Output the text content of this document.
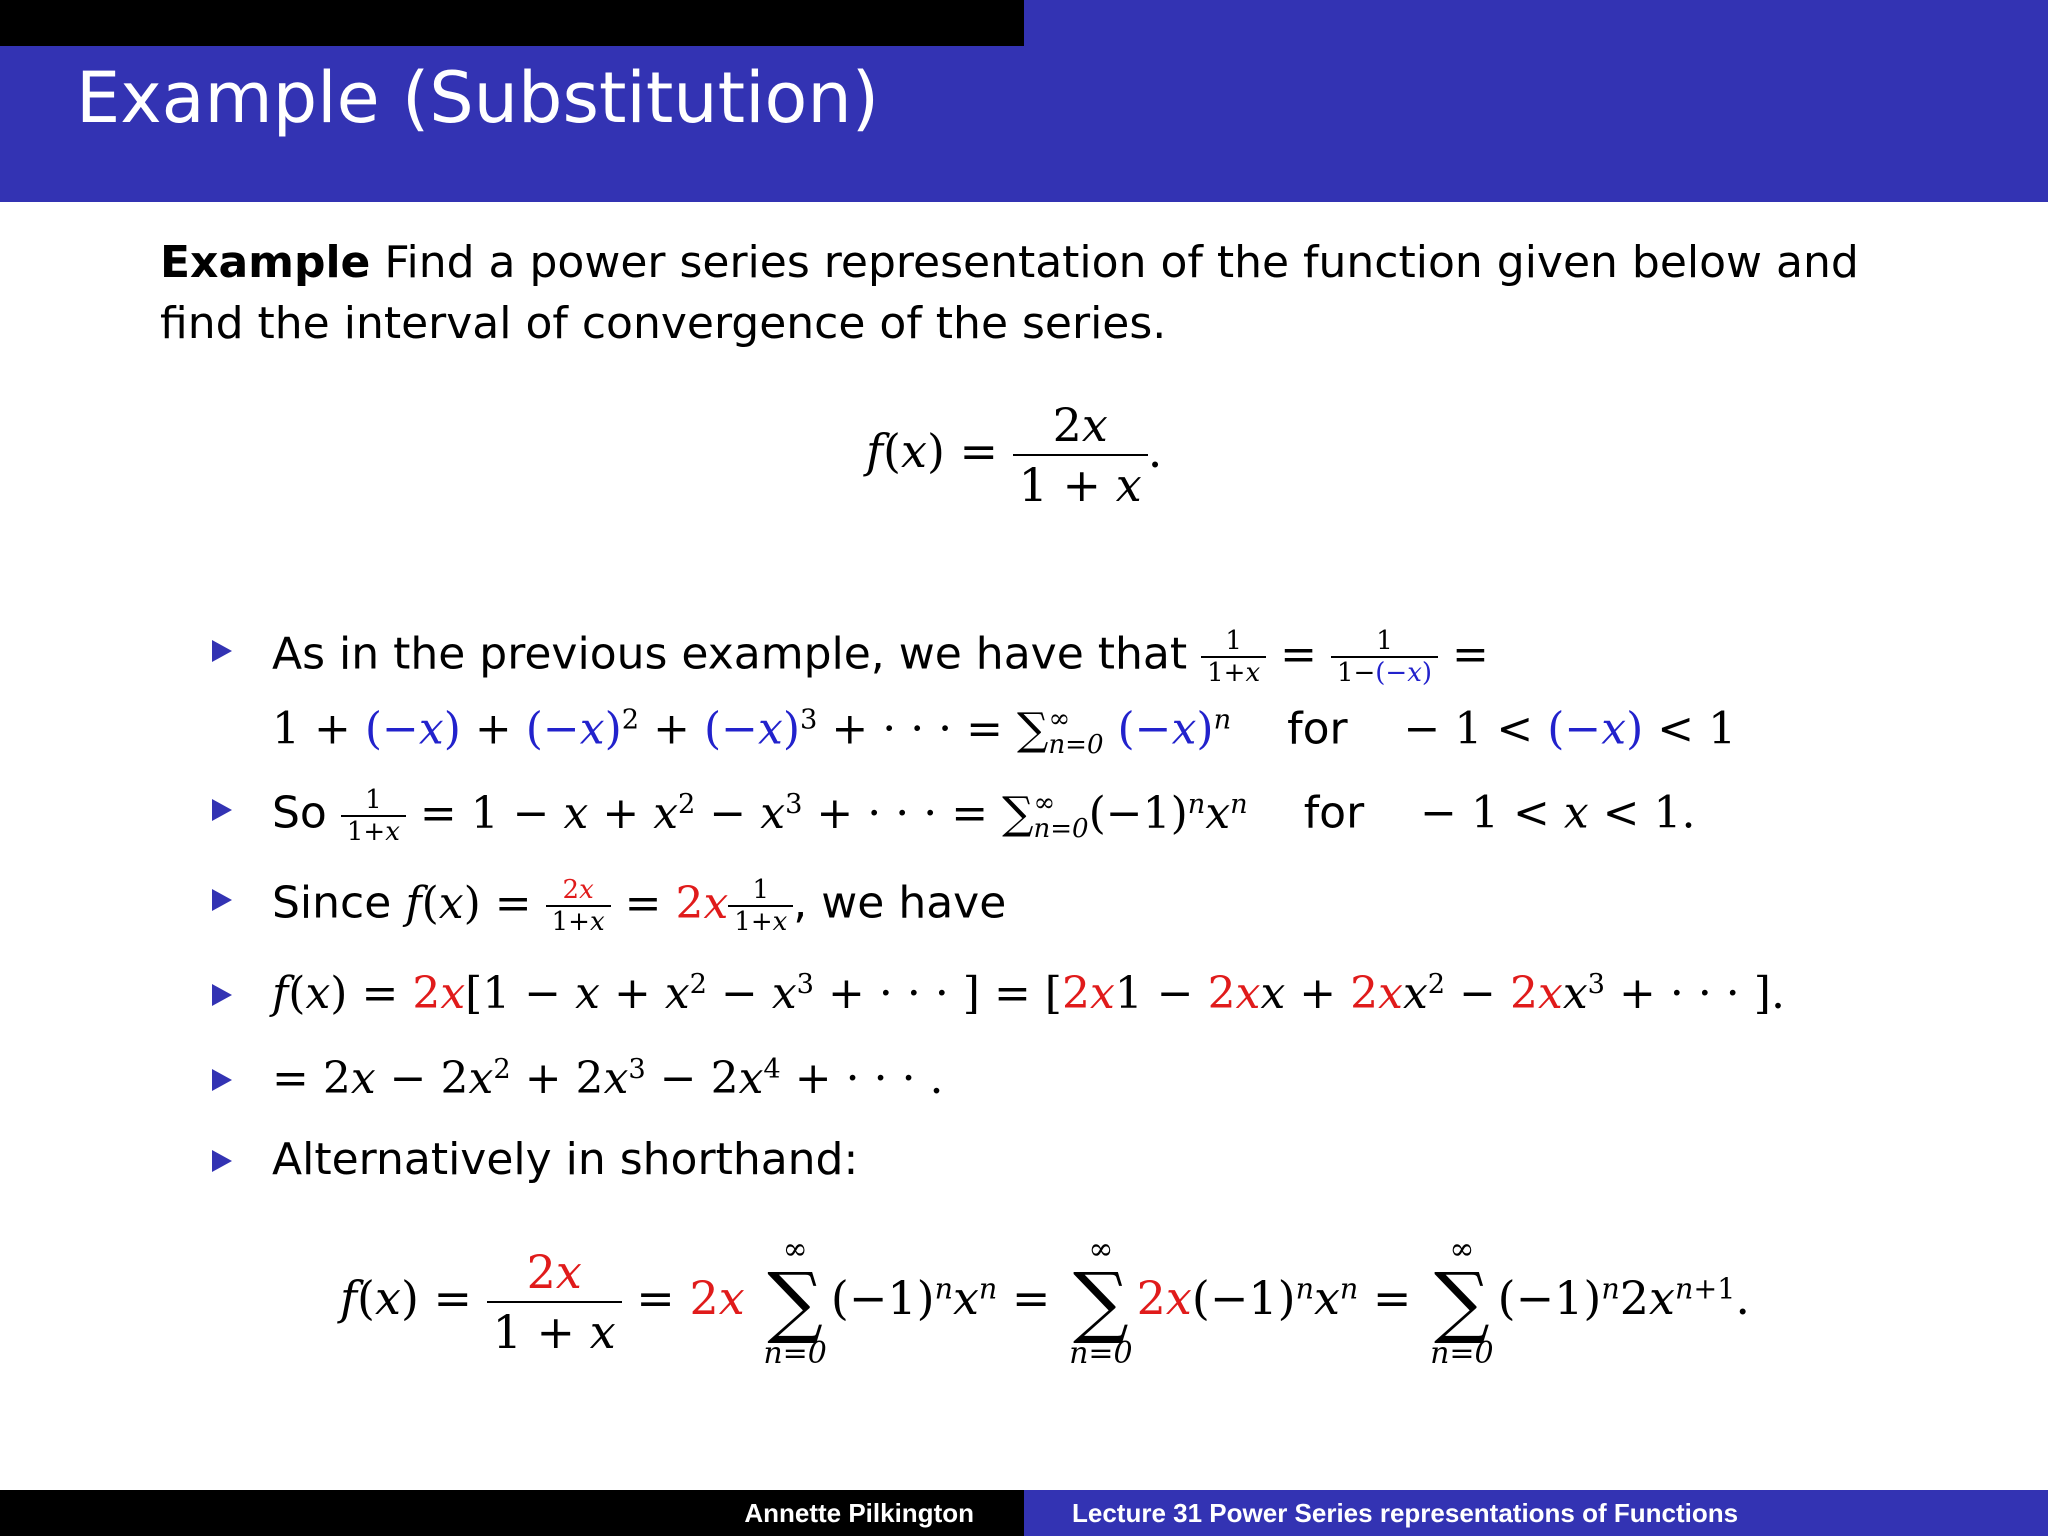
Example (Substitution)
Example Find a power series representation of the function given below and find the interval of convergence of the series.
$f(x) = \frac{2x}{1 + x}$ .
As in the previous example, we have that $\frac{1}{1+x} = \frac{1}{1-(-x)}$ =
$1 + (-x) + (-x)^2 + (-x)^3$ + · · · = ∑ ∞
n=0 $(-x)^n$ for    − 1 < (−x) < 1
So $\frac{1}{1+x} = 1 - x + x^2 - x^3$ + · · · = ∑ ∞
n=0 $(-1)^nx^n$ for − 1 < x < 1.
Since $f(x) = \frac{2x}{1+x} = 2x \frac{1}{1+x}$ , we have
$f(x) = 2x[1 - x + x^2 - x^3$ + · · · ] = [$2x1 - 2xx + 2xx^2 - 2xx^3$ + · · · ].
= $2x - 2x^2 + 2x^3 - 2x^4$ + · · · .
Alternatively in shorthand:
$f(x) = \frac{2x}{1 + x} = 2x$
∞
∑
n=0
$(-1)^nx^n$ =
∞
∑
n=0
$2x(-1)^nx^n$ =
∞
∑
n=0
$(-1)^n2x^{n+1}$.
Annette Pilkington	Lecture 31 Power Series representations of Functions
